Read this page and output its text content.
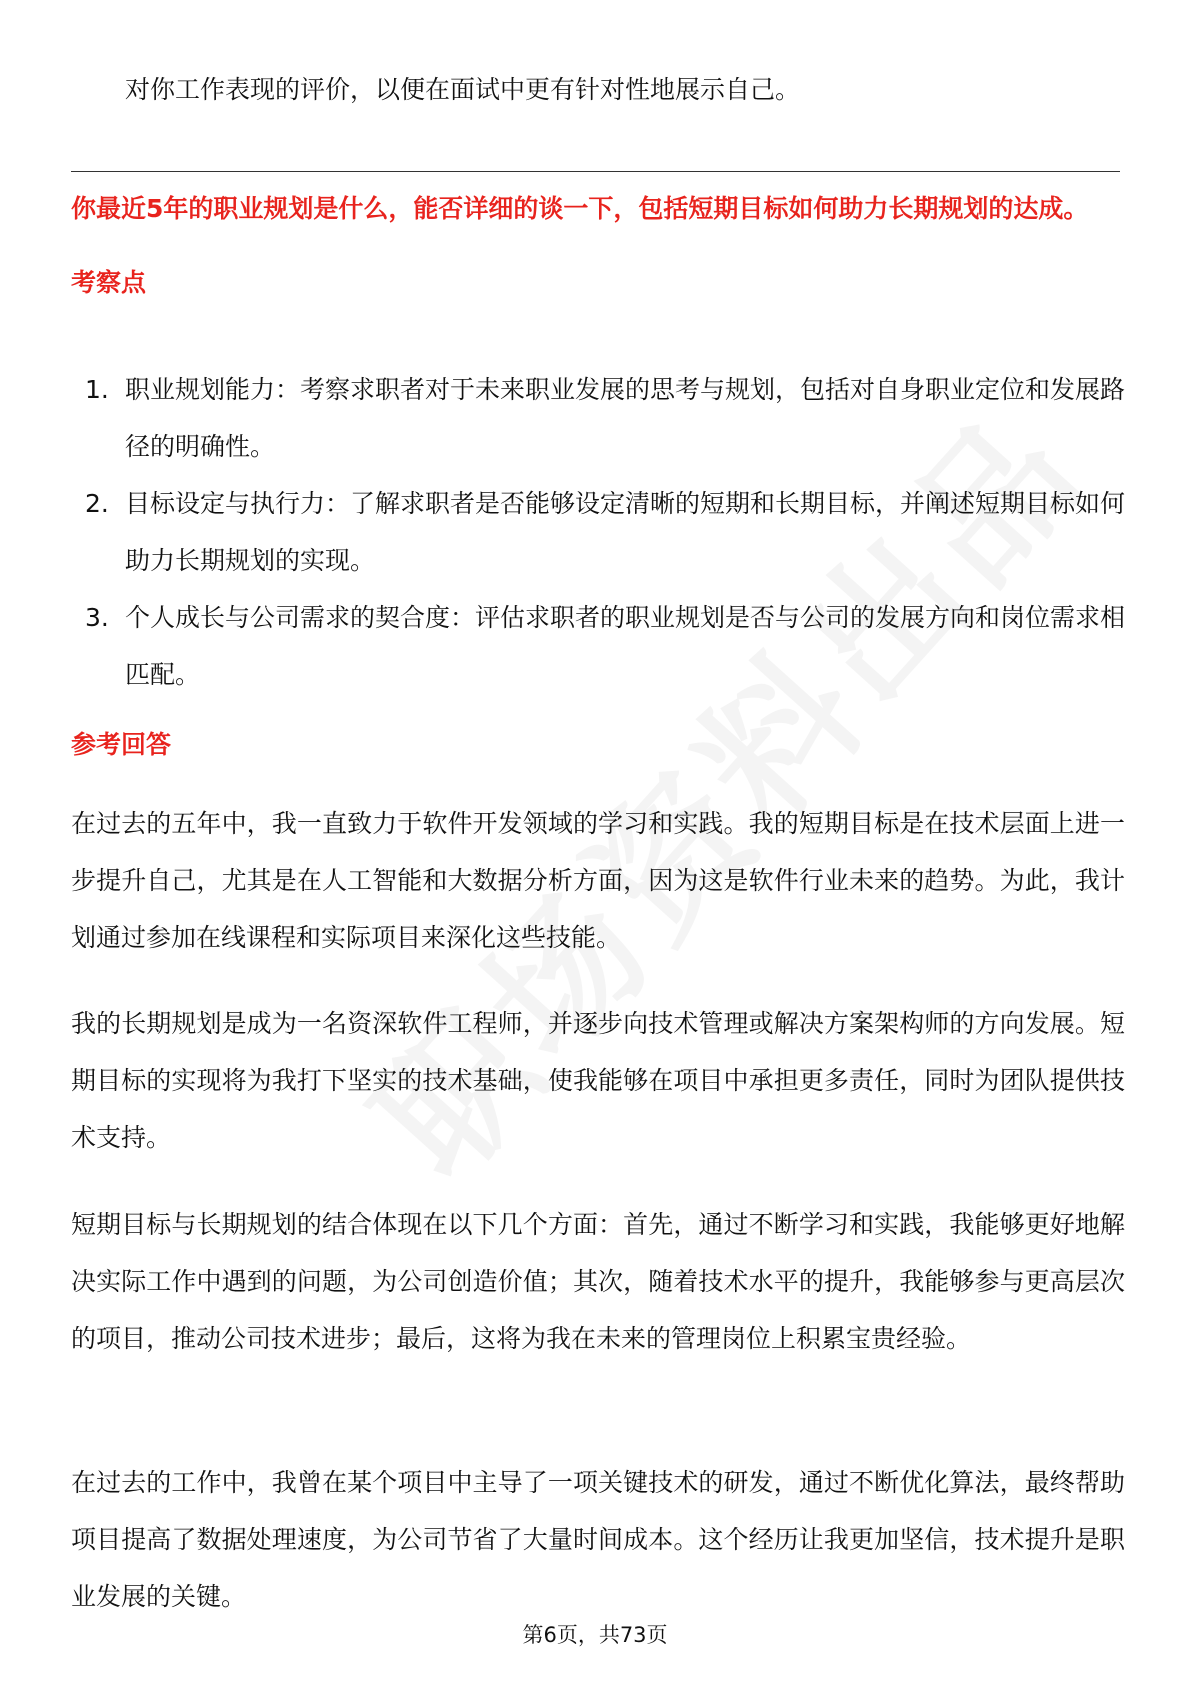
对你工作表现的评价，以便在面试中更有针对性地展示自己。
你最近5年的职业规划是什么，能否详细的谈一下，包括短期目标如何助力长期规划的达成。
考察点
1. 职业规划能力：考察求职者对于未来职业发展的思考与规划，包括对自身职业定位和发展路径的明确性。
2. 目标设定与执行力：了解求职者是否能够设定清晰的短期和长期目标，并阐述短期目标如何助力长期规划的实现。
3. 个人成长与公司需求的契合度：评估求职者的职业规划是否与公司的发展方向和岗位需求相匹配。
参考回答
在过去的五年中，我一直致力于软件开发领域的学习和实践。我的短期目标是在技术层面上进一步提升自己，尤其是在人工智能和大数据分析方面，因为这是软件行业未来的趋势。为此，我计划通过参加在线课程和实际项目来深化这些技能。
我的长期规划是成为一名资深软件工程师，并逐步向技术管理或解决方案架构师的方向发展。短期目标的实现将为我打下坚实的技术基础，使我能够在项目中承担更多责任，同时为团队提供技术支持。
短期目标与长期规划的结合体现在以下几个方面：首先，通过不断学习和实践，我能够更好地解决实际工作中遇到的问题，为公司创造价值；其次，随着技术水平的提升，我能够参与更高层次的项目，推动公司技术进步；最后，这将为我在未来的管理岗位上积累宝贵经验。
在过去的工作中，我曾在某个项目中主导了一项关键技术的研发，通过不断优化算法，最终帮助项目提高了数据处理速度，为公司节省了大量时间成本。这个经历让我更加坚信，技术提升是职业发展的关键。
第6页，共73页
